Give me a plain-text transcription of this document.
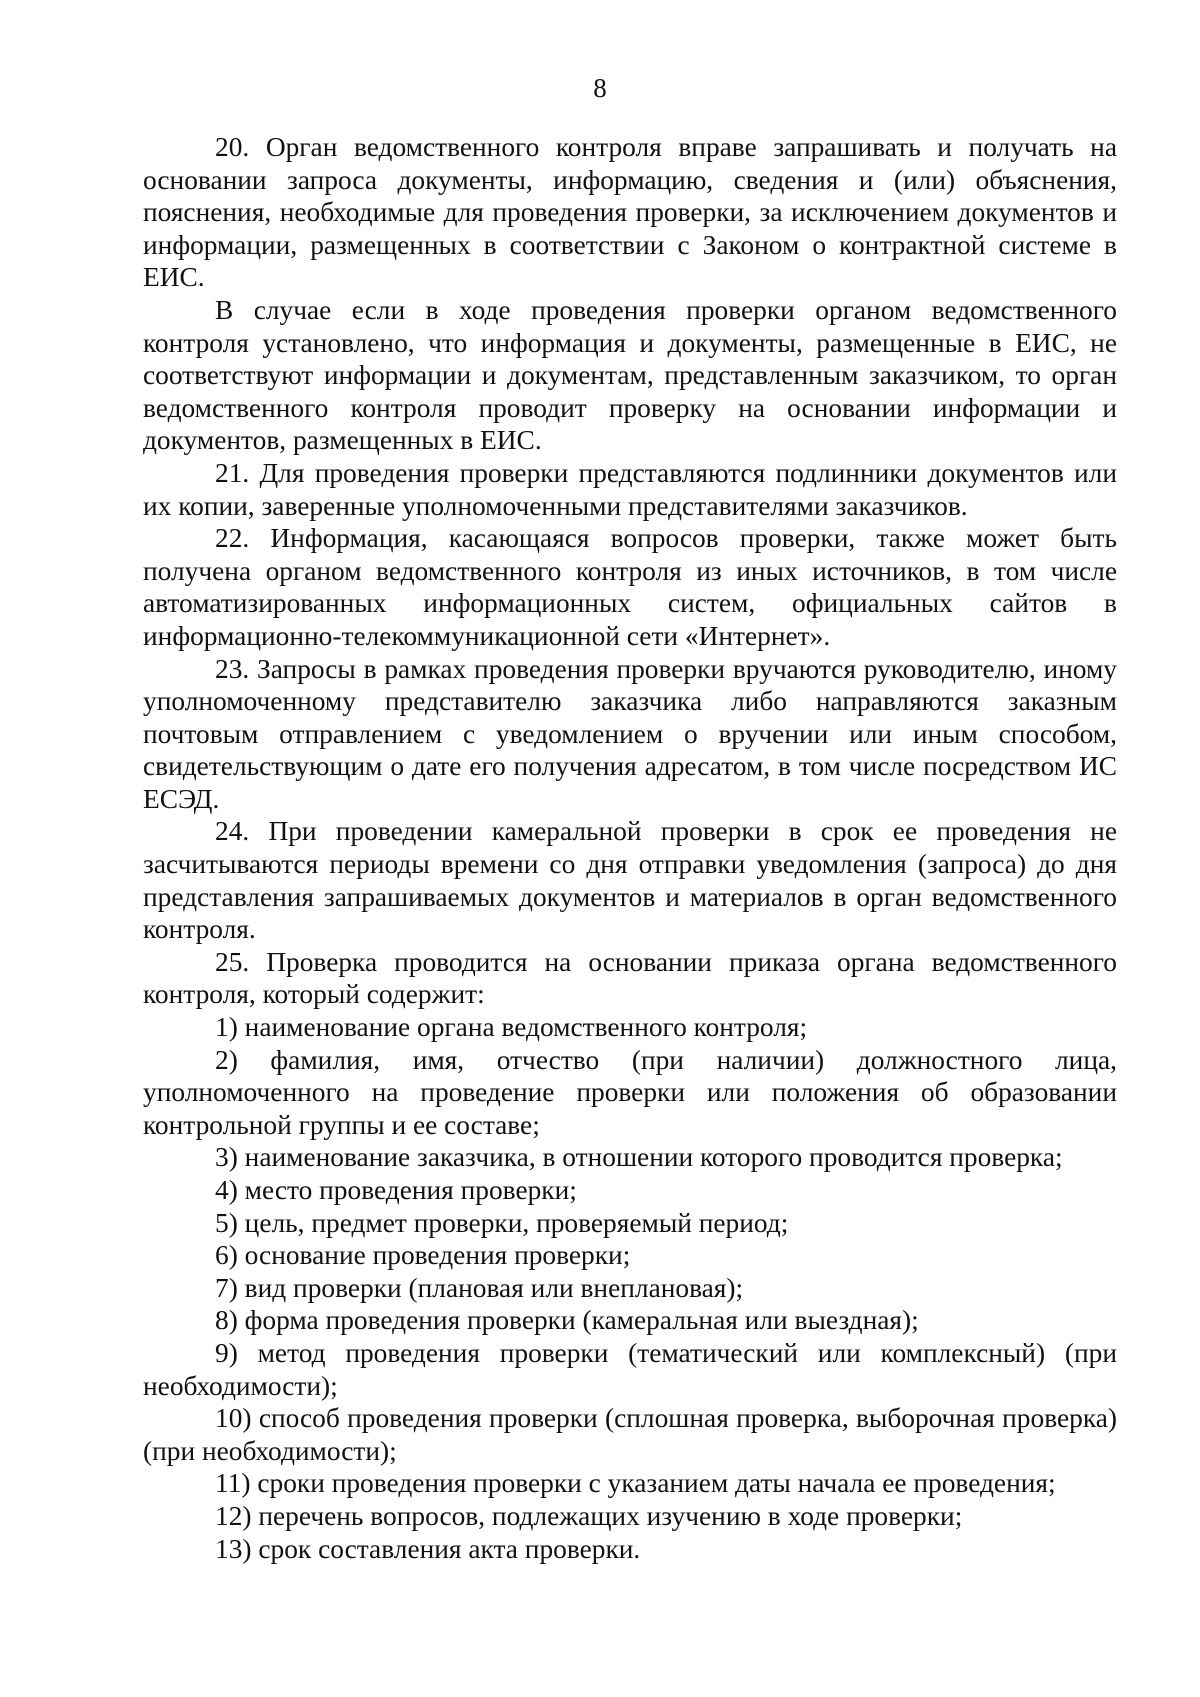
8

20. Орган ведомственного контроля вправе запрашивать и получать на основании запроса документы, информацию, сведения и (или) объяснения, пояснения, необходимые для проведения проверки, за исключением документов и информации, размещенных в соответствии с Законом о контрактной системе в ЕИС.

В случае если в ходе проведения проверки органом ведомственного контроля установлено, что информация и документы, размещенные в ЕИС, не соответствуют информации и документам, представленным заказчиком, то орган ведомственного контроля проводит проверку на основании информации и документов, размещенных в ЕИС.

21. Для проведения проверки представляются подлинники документов или их копии, заверенные уполномоченными представителями заказчиков.

22. Информация, касающаяся вопросов проверки, также может быть получена органом ведомственного контроля из иных источников, в том числе автоматизированных информационных систем, официальных сайтов в информационно-телекоммуникационной сети «Интернет».

23. Запросы в рамках проведения проверки вручаются руководителю, иному уполномоченному представителю заказчика либо направляются заказным почтовым отправлением с уведомлением о вручении или иным способом, свидетельствующим о дате его получения адресатом, в том числе посредством ИС ЕСЭД.

24. При проведении камеральной проверки в срок ее проведения не засчитываются периоды времени со дня отправки уведомления (запроса) до дня представления запрашиваемых документов и материалов в орган ведомственного контроля.

25. Проверка проводится на основании приказа органа ведомственного контроля, который содержит:

1) наименование органа ведомственного контроля;

2) фамилия, имя, отчество (при наличии) должностного лица, уполномоченного на проведение проверки или положения об образовании контрольной группы и ее составе;

3) наименование заказчика, в отношении которого проводится проверка;

4) место проведения проверки;

5) цель, предмет проверки, проверяемый период;

6) основание проведения проверки;

7) вид проверки (плановая или внеплановая);

8) форма проведения проверки (камеральная или выездная);

9) метод проведения проверки (тематический или комплексный) (при необходимости);

10) способ проведения проверки (сплошная проверка, выборочная проверка) (при необходимости);

11) сроки проведения проверки с указанием даты начала ее проведения;

12) перечень вопросов, подлежащих изучению в ходе проверки;

13) срок составления акта проверки.
